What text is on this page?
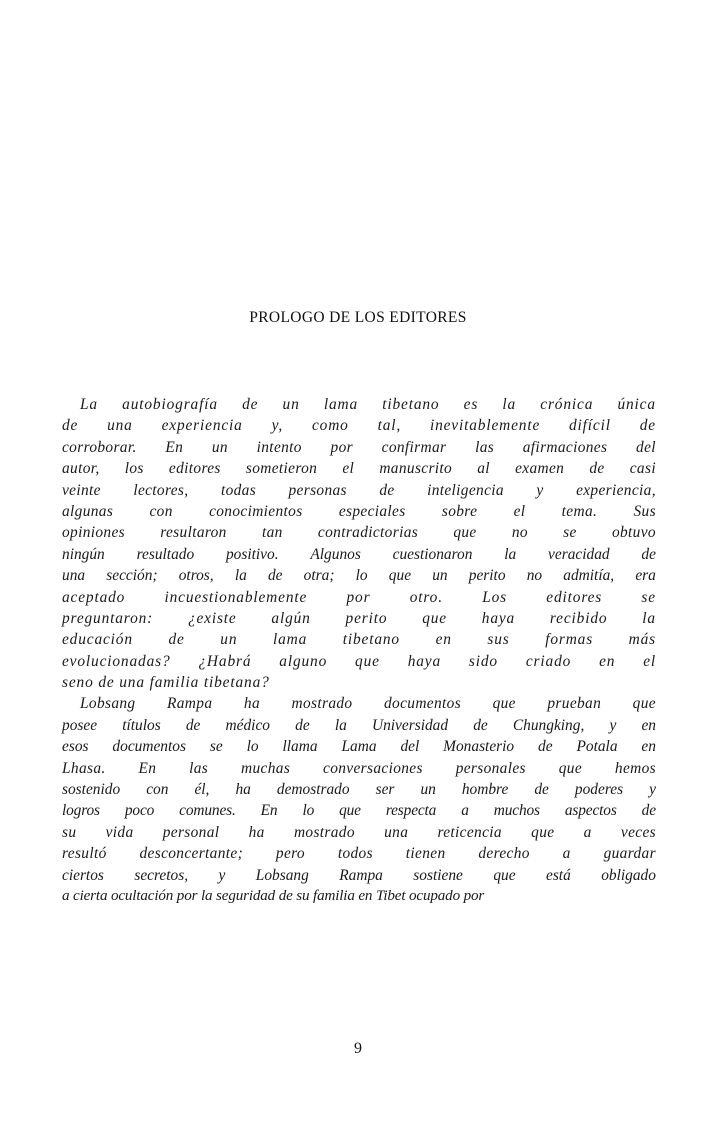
PROLOGO DE LOS EDITORES
La autobiografía de un lama tibetano es la crónica única
de una experiencia y, como tal, inevitablemente difícil de
corroborar. En un intento por confirmar las afirmaciones del
autor, los editores sometieron el manuscrito al examen de casi
veinte lectores, todas personas de inteligencia y experiencia,
algunas con conocimientos especiales sobre el tema. Sus
opiniones resultaron tan contradictorias que no se obtuvo
ningún resultado positivo. Algunos cuestionaron la veracidad de
una sección; otros, la de otra; lo que un perito no admitía, era
aceptado	incuestionablemente	por	otro.	Los	editores	se
preguntaron: ¿existe algún perito que haya recibido la
educación de un lama tibetano en sus formas más
evolucionadas? ¿Habrá alguno que haya sido criado en el
seno de una familia tibetana?
Lobsang Rampa ha mostrado documentos que prueban que
posee títulos de médico de la Universidad de Chungking, y en
esos documentos se lo llama Lama del Monasterio de Potala en
Lhasa. En las muchas conversaciones personales que hemos
sostenido con él, ha demostrado ser un hombre de poderes y
logros poco comunes. En lo que respecta a muchos aspectos de
su vida personal ha mostrado una reticencia que a veces
resultó desconcertante; pero todos tienen derecho a guardar
ciertos secretos, y Lobsang Rampa sostiene que está obligado
a cierta ocultación por la seguridad de su familia en Tibet ocupado por
9
